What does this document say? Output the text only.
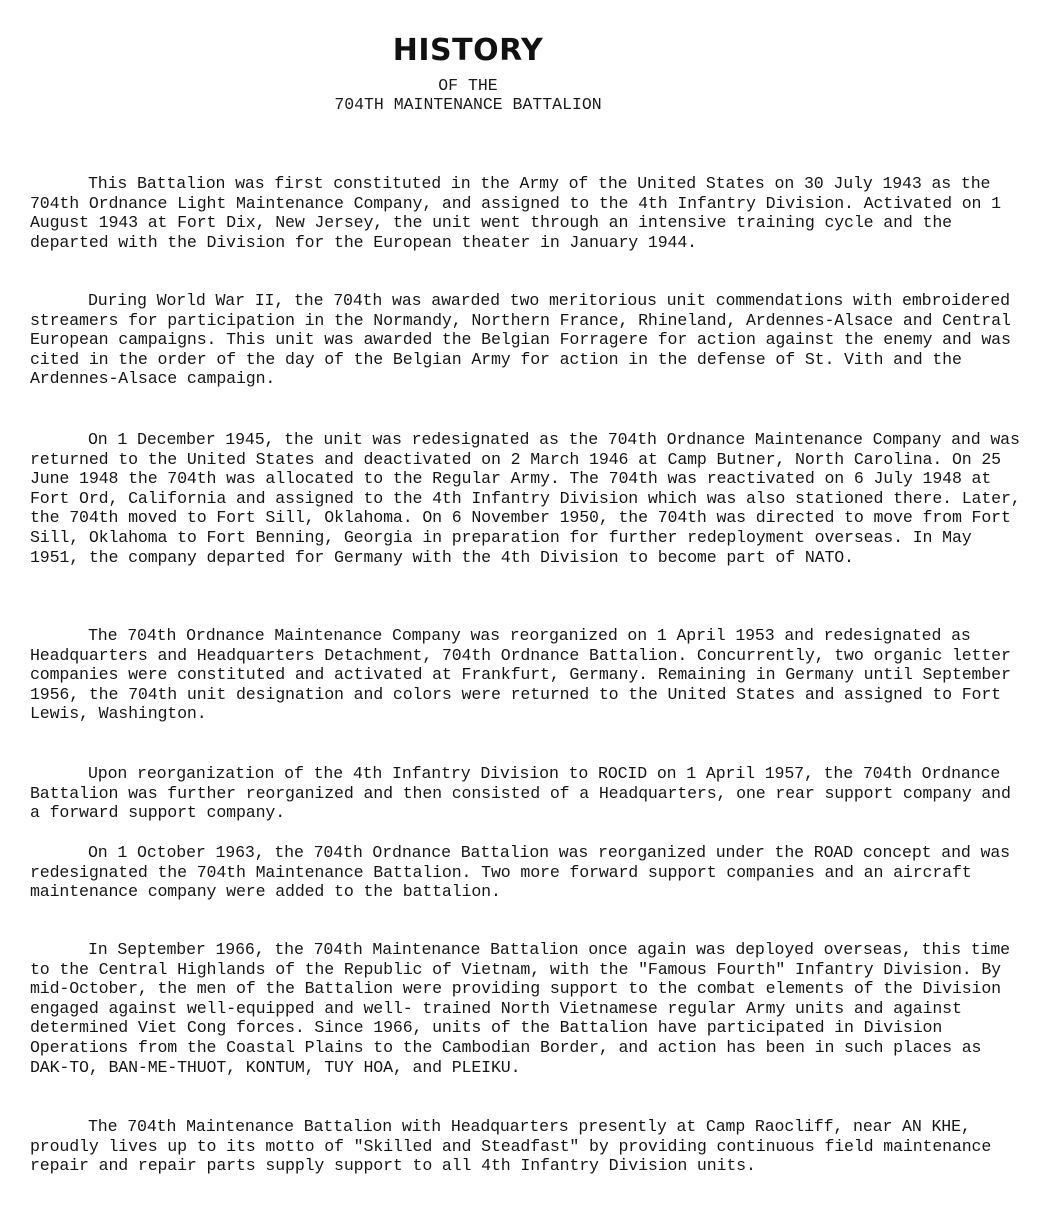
HISTORY
OF THE
704TH MAINTENANCE BATTALION

This Battalion was first constituted in the Army of the United States on 30 July 1943 as the 704th Ordnance Light Maintenance Company, and assigned to the 4th Infantry Division. Activated on 1 August 1943 at Fort Dix, New Jersey, the unit went through an intensive training cycle and the departed with the Division for the European theater in January 1944.

During World War II, the 704th was awarded two meritorious unit commendations with embroidered streamers for participation in the Normandy, Northern France, Rhineland, Ardennes-Alsace and Central European campaigns. This unit was awarded the Belgian Forragere for action against the enemy and was cited in the order of the day of the Belgian Army for action in the defense of St. Vith and the Ardennes-Alsace campaign.

On 1 December 1945, the unit was redesignated as the 704th Ordnance Maintenance Company and was returned to the United States and deactivated on 2 March 1946 at Camp Butner, North Carolina. On 25 June 1948 the 704th was allocated to the Regular Army. The 704th was reactivated on 6 July 1948 at Fort Ord, California and assigned to the 4th Infantry Division which was also stationed there. Later, the 704th moved to Fort Sill, Oklahoma. On 6 November 1950, the 704th was directed to move from Fort Sill, Oklahoma to Fort Benning, Georgia in preparation for further redeployment overseas. In May 1951, the company departed for Germany with the 4th Division to become part of NATO.

The 704th Ordnance Maintenance Company was reorganized on 1 April 1953 and redesignated as Headquarters and Headquarters Detachment, 704th Ordnance Battalion. Concurrently, two organic letter companies were constituted and activated at Frankfurt, Germany. Remaining in Germany until September 1956, the 704th unit designation and colors were returned to the United States and assigned to Fort Lewis, Washington.

Upon reorganization of the 4th Infantry Division to ROCID on 1 April 1957, the 704th Ordnance Battalion was further reorganized and then consisted of a Headquarters, one rear support company and a forward support company.

On 1 October 1963, the 704th Ordnance Battalion was reorganized under the ROAD concept and was redesignated the 704th Maintenance Battalion. Two more forward support companies and an aircraft maintenance company were added to the battalion.

In September 1966, the 704th Maintenance Battalion once again was deployed overseas, this time to the Central Highlands of the Republic of Vietnam, with the "Famous Fourth" Infantry Division. By mid-October, the men of the Battalion were providing support to the combat elements of the Division engaged against well-equipped and well- trained North Vietnamese regular Army units and against determined Viet Cong forces. Since 1966, units of the Battalion have participated in Division Operations from the Coastal Plains to the Cambodian Border, and action has been in such places as DAK-TO, BAN-ME-THUOT, KONTUM, TUY HOA, and PLEIKU.

The 704th Maintenance Battalion with Headquarters presently at Camp Raocliff, near AN KHE, proudly lives up to its motto of "Skilled and Steadfast" by providing continuous field maintenance repair and repair parts supply support to all 4th Infantry Division units.
